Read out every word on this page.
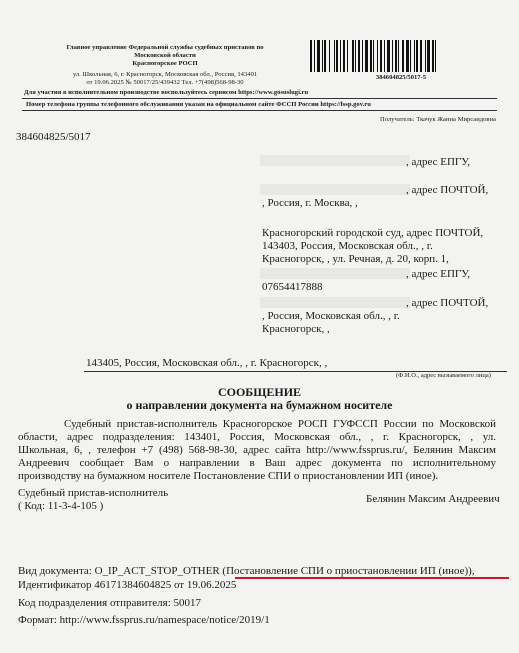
Главное управление Федеральной службы судебных приставов по
Московской области
Красногорское РОСП
ул. Школьная, 6, г. Красногорск, Московская обл., Россия, 143401
от 19.06.2025 № 50017/25/439432 Тел. +7(498)568-98-30
384604825/5017-5
Для участия в исполнительном производстве воспользуйтесь сервисом https://www.gosuslugi.ru
Номер телефона группы телефонного обслуживания указан на официальном сайте ФССП России https://fssp.gov.ru
Получатель: Ткачук Жанна Мирсаидовна
384604825/5017
, адрес ЕПГУ,
, адрес ПОЧТОЙ,
, Россия, г. Москва, ,
Красногорский городской суд, адрес ПОЧТОЙ,
143403, Россия, Московская обл., , г.
Красногорск, , ул. Речная, д. 20, корп. 1,
, адрес ЕПГУ,
07654417888
, адрес ПОЧТОЙ,
, Россия, Московская обл., , г.
Красногорск, ,
143405, Россия, Московская обл., , г. Красногорск, ,
(Ф.И.О., адрес вызываемого лица)
СООБЩЕНИЕ
о направлении документа на бумажном носителе
Судебный пристав-исполнитель Красногорское РОСП ГУФССП России по Московской
области, адрес подразделения: 143401, Россия, Московская обл., , г. Красногорск, , ул.
Школьная, 6, , телефон +7 (498) 568-98-30, адрес сайта http://www.fssprus.ru/, Белянин Максим
Андреевич сообщает Вам о направлении в Ваш адрес документа по исполнительному
производству на бумажном носителе Постановление СПИ о приостановлении ИП (иное).
Судебный пристав-исполнитель
( Код: 11-3-4-105 )
Белянин Максим Андреевич
Вид документа: O_IP_ACT_STOP_OTHER (Постановление СПИ о приостановлении ИП (иное)),
Идентификатор 46171384604825 от 19.06.2025
Код подразделения отправителя: 50017
Формат: http://www.fssprus.ru/namespace/notice/2019/1
